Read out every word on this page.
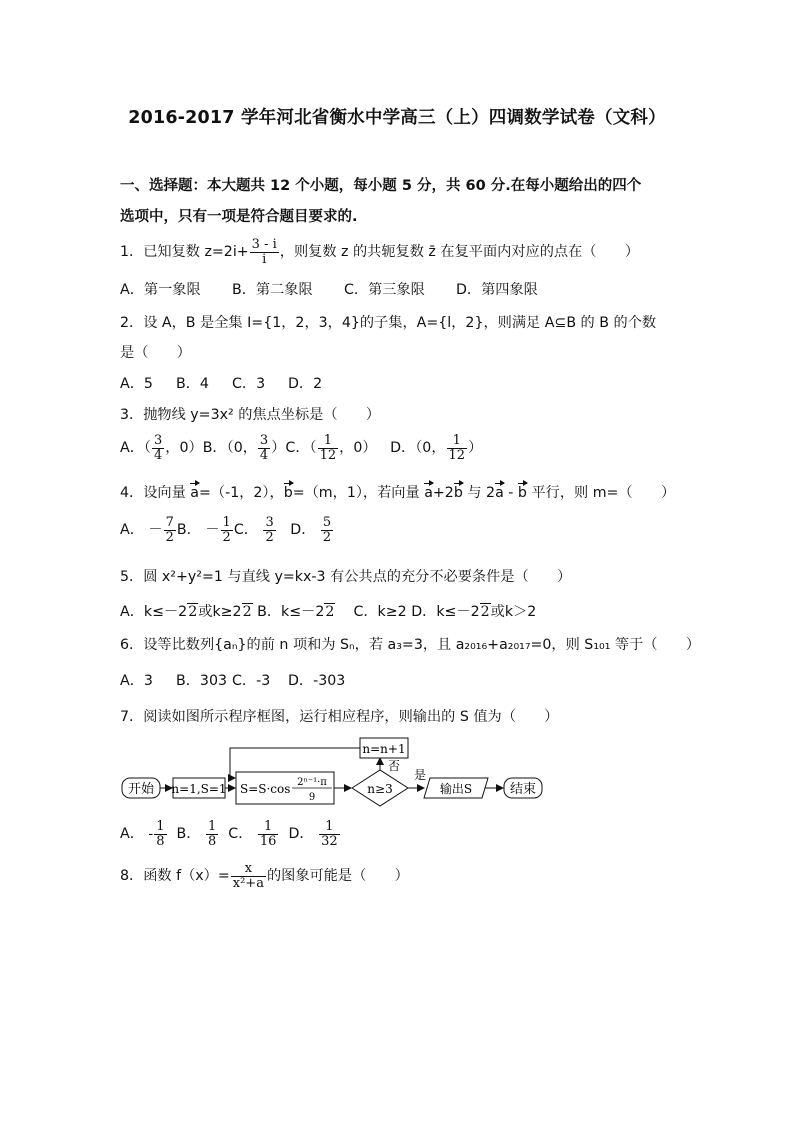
2016-2017 学年河北省衡水中学高三（上）四调数学试卷（文科）
一、选择题：本大题共 12 个小题，每小题 5 分，共 60 分.在每小题给出的四个
选项中，只有一项是符合题目要求的.
1．已知复数 $z=2i+ \frac{3 - i}{i}$ ，则复数 z 的共轭复数 z̄ 在复平面内对应的点在（　　）
A．第一象限 B．第二象限 C．第三象限 D．第四象限
2．设 A，B 是全集 I={1，2，3，4}的子集，A={l，2}，则满足 A⊆B 的 B 的个数
是（　　）
A．5 B．4 C．3 D．2
3．抛物线 y=3x² 的焦点坐标是（　　）
A．（ $\frac{3}{4}$ ，0）B．（0， $\frac{3}{4} )C$．（ $\frac{1}{12}$ ，0） D．（0， $\frac{1}{12}$ ）
4．设向量 a=（-1，2），b=（m，1），若向量 a+2b 与 2a - b 平行，则 m=（　　）
A． － $\frac{7}{2}$ B． － $\frac{1}{2}$ C． $\frac{3}{2}$ D． $\frac{5}{2}$
5．圆 x²+y²=1 与直线 y=kx-3 有公共点的充分不必要条件是（　　）
A．k≤－22或k≥22 B．k≤－22 C．k≥2 D．k≤－22或k＞2
6．设等比数列{aₙ}的前 n 项和为 Sₙ，若 a₃=3，且 a₂₀₁₆+a₂₀₁₇=0，则 S₁₀₁ 等于（　　）
A．3 B．303 C．-3 D．-303
7．阅读如图所示程序框图，运行相应程序，则输出的 S 值为（　　）
开始 n=1,S=1 S=S·cos 2ⁿ⁻¹·π
9
n≥3
n=n+1
否
是
输出S	结束
A． - $\frac{1}{8}$ B． $\frac{1}{8}$ C． $\frac{1}{16}$ D． $\frac{1}{32}$
8．函数 $f(x)= \frac{x}{\text{x²+a}}$ 的图象可能是（　　）
